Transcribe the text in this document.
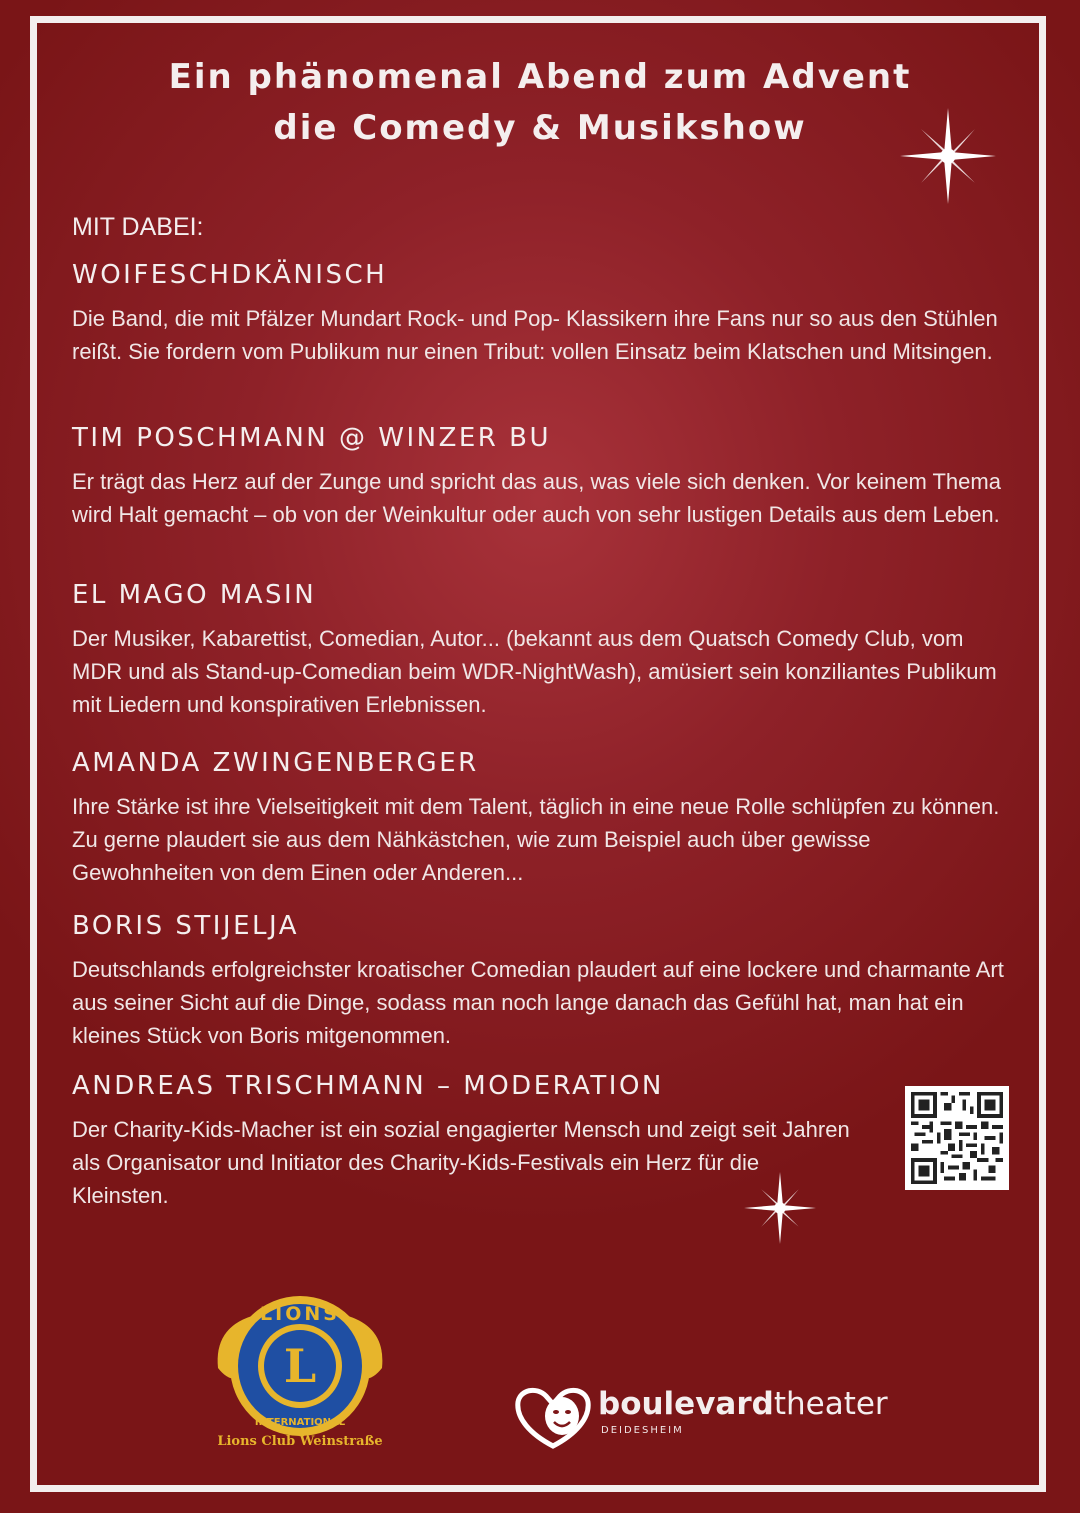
Ein phänomenal Abend zum Advent
die Comedy & Musikshow

MIT DABEI:

WOIFESCHDKÄNISCH

Die Band, die mit Pfälzer Mundart Rock- und Pop- Klassikern ihre Fans nur so aus den Stühlen reißt. Sie fordern vom Publikum nur einen Tribut: vollen Einsatz beim Klatschen und Mitsingen.

TIM POSCHMANN @ WINZER BU

Er trägt das Herz auf der Zunge und spricht das aus, was viele sich denken. Vor keinem Thema wird Halt gemacht – ob von der Weinkultur oder auch von sehr lustigen Details aus dem Leben.

EL MAGO MASIN

Der Musiker, Kabarettist, Comedian, Autor... (bekannt aus dem Quatsch Comedy Club, vom MDR und als Stand-up-Comedian beim WDR-NightWash), amüsiert sein konziliantes Publikum mit Liedern und konspirativen Erlebnissen.

AMANDA ZWINGENBERGER

Ihre Stärke ist ihre Vielseitigkeit mit dem Talent, täglich in eine neue Rolle schlüpfen zu können. Zu gerne plaudert sie aus dem Nähkästchen, wie zum Beispiel auch über gewisse Gewohnheiten von dem Einen oder Anderen...

BORIS STIJELJA

Deutschlands erfolgreichster kroatischer Comedian plaudert auf eine lockere und charmante Art aus seiner Sicht auf die Dinge, sodass man noch lange danach das Gefühl hat, man hat ein kleines Stück von Boris mitgenommen.

ANDREAS TRISCHMANN – MODERATION

Der Charity-Kids-Macher ist ein sozial engagierter Mensch und zeigt seit Jahren als Organisator und Initiator des Charity-Kids-Festivals ein Herz für die Kleinsten.

L
LIONS
INTERNATIONAL
Lions Club Weinstraße
boulevardtheater
DEIDESHEIM
